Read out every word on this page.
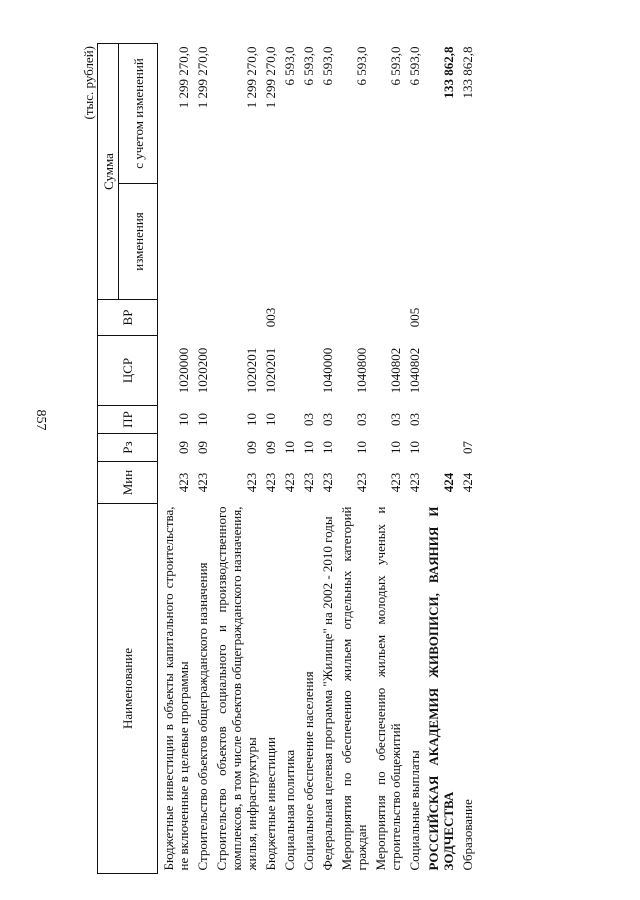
857
(тыс. рублей)
Наименование	Мин	Рз	ПР	ЦСР	ВР	Сумма	
						изменения	с учетом изменений
Бюджетные инвестиции в объекты капитального строительства, не включенные в целевые программы	423	09	10	1020000			1 299 270,0
Строительство объектов общегражданского назначения	423	09	10	1020200			1 299 270,0
Строительство объектов социального и производственного комплексов, в том числе объектов общегражданского назначения, жилья, инфраструктуры	423	09	10	1020201			1 299 270,0
Бюджетные инвестиции	423	09	10	1020201	003		1 299 270,0
Социальная политика	423	10					6 593,0
Социальное обеспечение населения	423	10	03				6 593,0
Федеральная целевая программа "Жилище" на 2002 - 2010 годы	423	10	03	1040000			6 593,0
Мероприятия по обеспечению жильем отдельных категорий граждан	423	10	03	1040800			6 593,0
Мероприятия по обеспечению жильем молодых ученых и строительство общежитий	423	10	03	1040802			6 593,0
Социальные выплаты	423	10	03	1040802	005		6 593,0
РОССИЙСКАЯ АКАДЕМИЯ ЖИВОПИСИ, ВАЯНИЯ И ЗОДЧЕСТВА	424						133 862,8
Образование	424	07					133 862,8
